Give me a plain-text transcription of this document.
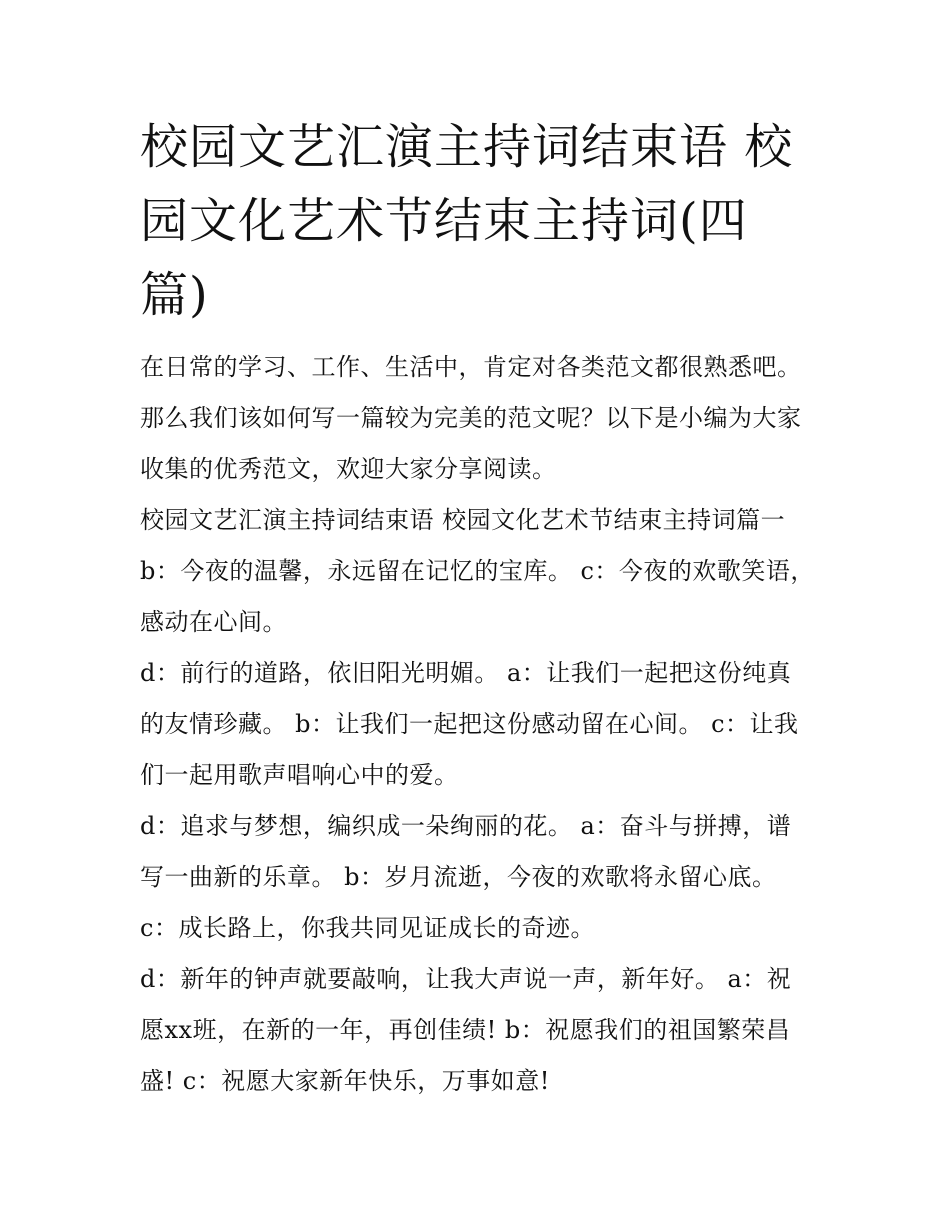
校园文艺汇演主持词结束语 校园文化艺术节结束主持词(四篇)

在日常的学习、工作、生活中，肯定对各类范文都很熟悉吧。那么我们该如何写一篇较为完美的范文呢？以下是小编为大家收集的优秀范文，欢迎大家分享阅读。

校园文艺汇演主持词结束语 校园文化艺术节结束主持词篇一

b：今夜的温馨，永远留在记忆的宝库。 c：今夜的欢歌笑语，感动在心间。

d：前行的道路，依旧阳光明媚。 a：让我们一起把这份纯真的友情珍藏。 b：让我们一起把这份感动留在心间。 c：让我们一起用歌声唱响心中的爱。

d：追求与梦想，编织成一朵绚丽的花。 a：奋斗与拼搏，谱写一曲新的乐章。 b：岁月流逝，今夜的欢歌将永留心底。 c：成长路上，你我共同见证成长的奇迹。

d：新年的钟声就要敲响，让我大声说一声，新年好。 a：祝愿xx班，在新的一年，再创佳绩! b：祝愿我们的祖国繁荣昌盛! c：祝愿大家新年快乐，万事如意!
